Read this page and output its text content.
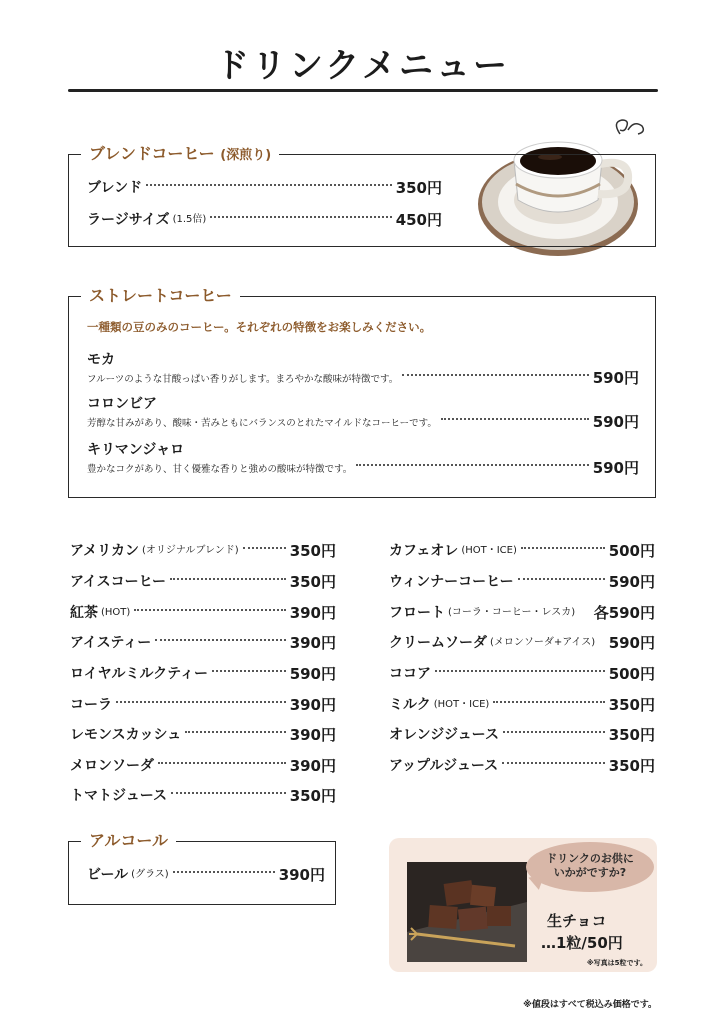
ドリンクメニュー
ブレンドコーヒー (深煎り)
ブレンド	350円
ラージサイズ (1.5倍)	450円
ストレートコーヒー
一種類の豆のみのコーヒー。それぞれの特徴をお楽しみください。
モカ
フルーツのような甘酸っぱい香りがします。まろやかな酸味が特徴です。	590円
コロンビア
芳醇な甘みがあり、酸味・苦みともにバランスのとれたマイルドなコーヒーです。	590円
キリマンジャロ
豊かなコクがあり、甘く優雅な香りと強めの酸味が特徴です。	590円
アメリカン (オリジナルブレンド)	350円
アイスコーヒー	350円
紅茶 (HOT)	390円
アイスティー	390円
ロイヤルミルクティー	590円
コーラ	390円
レモンスカッシュ	390円
メロンソーダ	390円
トマトジュース	350円
カフェオレ (HOT・ICE)	500円
ウィンナーコーヒー	590円
フロート (コーラ・コーヒー・レスカ) 各590円
クリームソーダ (メロンソーダ+アイス) 590円
ココア	500円
ミルク (HOT・ICE)	350円
オレンジジュース	350円
アップルジュース	350円
アルコール
ビール (グラス)	390円
ドリンクのお供に
いかがですか?
生チョコ
…1粒/50円
※写真は5粒です。
※値段はすべて税込み価格です。
